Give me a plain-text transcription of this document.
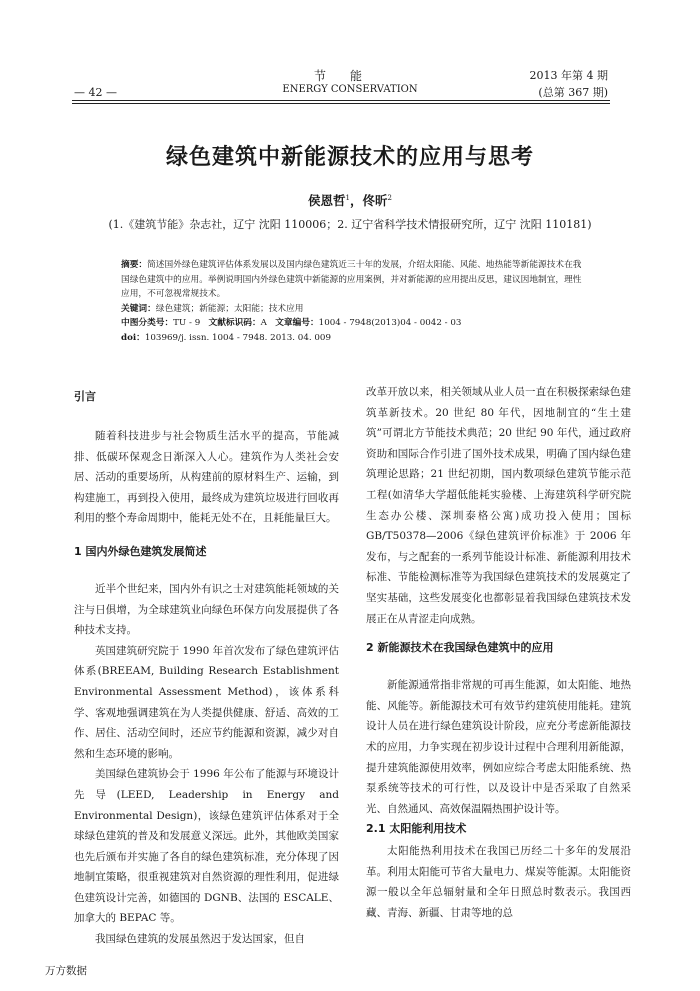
节能
ENERGY CONSERVATION
— 42 —
2013 年第 4 期
(总第 367 期)
绿色建筑中新能源技术的应用与思考
侯恩哲$^1$，佟昕$^2$
(1.《建筑节能》杂志社，辽宁 沈阳 110006；2. 辽宁省科学技术情报研究所，辽宁 沈阳 110181)
摘要：简述国外绿色建筑评估体系发展以及国内绿色建筑近三十年的发展，介绍太阳能、风能、地热能等新能源技术在我国绿色建筑中的应用。举例说明国内外绿色建筑中新能源的应用案例，并对新能源的应用提出反思，建议因地制宜，理性应用，不可忽视常规技术。
关键词：绿色建筑；新能源；太阳能；技术应用
中图分类号：TU - 9 文献标识码：A 文章编号：1004 - 7948(2013)04 - 0042 - 03
doi：103969/j. issn. 1004 - 7948. 2013. 04. 009
引言

随着科技进步与社会物质生活水平的提高，节能减排、低碳环保观念日渐深入人心。建筑作为人类社会安居、活动的重要场所，从构建前的原材料生产、运输，到构建施工，再到投入使用，最终成为建筑垃圾进行回收再利用的整个寿命周期中，能耗无处不在，且耗能量巨大。

1 国内外绿色建筑发展简述

近半个世纪来，国内外有识之士对建筑能耗领域的关注与日俱增，为全球建筑业向绿色环保方向发展提供了各种技术支持。

英国建筑研究院于 1990 年首次发布了绿色建筑评估体系(BREEAM, Building Research Establishment Environmental Assessment Method)，该体系科学、客观地强调建筑在为人类提供健康、舒适、高效的工作、居住、活动空间时，还应节约能源和资源，减少对自然和生态环境的影响。

美国绿色建筑协会于 1996 年公布了能源与环境设计先导(LEED, Leadership in Energy and Environmental Design)，该绿色建筑评估体系对于全球绿色建筑的普及和发展意义深远。此外，其他欧美国家也先后颁布并实施了各自的绿色建筑标准，充分体现了因地制宜策略，很重视建筑对自然资源的理性利用，促进绿色建筑设计完善，如德国的 DGNB、法国的 ESCALE、加拿大的 BEPAC 等。

我国绿色建筑的发展虽然迟于发达国家，但自

改革开放以来，相关领域从业人员一直在积极探索绿色建筑革新技术。20 世纪 80 年代，因地制宜的“生土建筑”可谓北方节能技术典范；20 世纪 90 年代，通过政府资助和国际合作引进了国外技术成果，明确了国内绿色建筑理论思路；21 世纪初期，国内数项绿色建筑节能示范工程(如清华大学超低能耗实验楼、上海建筑科学研究院生态办公楼、深圳泰格公寓)成功投入使用；国标 GB/T50378—2006《绿色建筑评价标准》于 2006 年发布，与之配套的一系列节能设计标准、新能源利用技术标准、节能检测标准等为我国绿色建筑技术的发展奠定了坚实基础，这些发展变化也都彰显着我国绿色建筑技术发展正在从青涩走向成熟。

2 新能源技术在我国绿色建筑中的应用

新能源通常指非常规的可再生能源，如太阳能、地热能、风能等。新能源技术可有效节约建筑使用能耗。建筑设计人员在进行绿色建筑设计阶段，应充分考虑新能源技术的应用，力争实现在初步设计过程中合理利用新能源，提升建筑能源使用效率，例如应综合考虑太阳能系统、热泵系统等技术的可行性，以及设计中是否采取了自然采光、自然通风、高效保温隔热围护设计等。

2.1 太阳能利用技术

太阳能热利用技术在我国已历经二十多年的发展沿革。利用太阳能可节省大量电力、煤炭等能源。太阳能资源一般以全年总辐射量和全年日照总时数表示。我国西藏、青海、新疆、甘肃等地的总

万方数据
